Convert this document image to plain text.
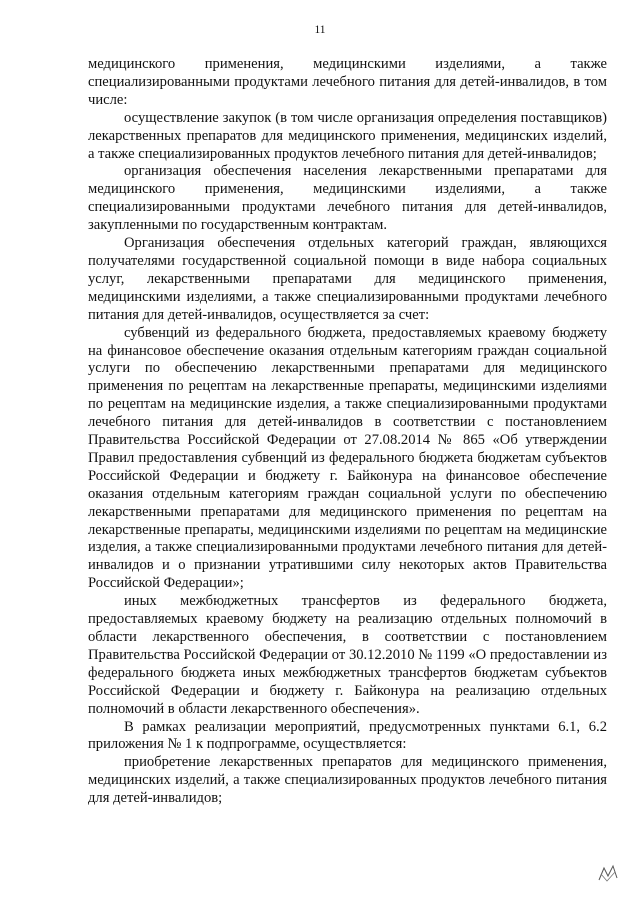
11

медицинского применения, медицинскими изделиями, а также специализированными продуктами лечебного питания для детей-инвалидов, в том числе:

осуществление закупок (в том числе организация определения поставщиков) лекарственных препаратов для медицинского применения, медицинских изделий, а также специализированных продуктов лечебного питания для детей-инвалидов;

организация обеспечения населения лекарственными препаратами для медицинского применения, медицинскими изделиями, а также специализированными продуктами лечебного питания для детей-инвалидов, закупленными по государственным контрактам.

Организация обеспечения отдельных категорий граждан, являющихся получателями государственной социальной помощи в виде набора социальных услуг, лекарственными препаратами для медицинского применения, медицинскими изделиями, а также специализированными продуктами лечебного питания для детей-инвалидов, осуществляется за счет:

субвенций из федерального бюджета, предоставляемых краевому бюджету на финансовое обеспечение оказания отдельным категориям граждан социальной услуги по обеспечению лекарственными препаратами для медицинского применения по рецептам на лекарственные препараты, медицинскими изделиями по рецептам на медицинские изделия, а также специализированными продуктами лечебного питания для детей-инвалидов в соответствии с постановлением Правительства Российской Федерации от 27.08.2014 № 865 «Об утверждении Правил предоставления субвенций из федерального бюджета бюджетам субъектов Российской Федерации и бюджету г. Байконура на финансовое обеспечение оказания отдельным категориям граждан социальной услуги по обеспечению лекарственными препаратами для медицинского применения по рецептам на лекарственные препараты, медицинскими изделиями по рецептам на медицинские изделия, а также специализированными продуктами лечебного питания для детей-инвалидов и о признании утратившими силу некоторых актов Правительства Российской Федерации»;

иных межбюджетных трансфертов из федерального бюджета, предоставляемых краевому бюджету на реализацию отдельных полномочий в области лекарственного обеспечения, в соответствии с постановлением Правительства Российской Федерации от 30.12.2010 № 1199 «О предоставлении из федерального бюджета иных межбюджетных трансфертов бюджетам субъектов Российской Федерации и бюджету г. Байконура на реализацию отдельных полномочий в области лекарственного обеспечения».

В рамках реализации мероприятий, предусмотренных пунктами 6.1, 6.2 приложения № 1 к подпрограмме, осуществляется:

приобретение лекарственных препаратов для медицинского применения, медицинских изделий, а также специализированных продуктов лечебного питания для детей-инвалидов;
